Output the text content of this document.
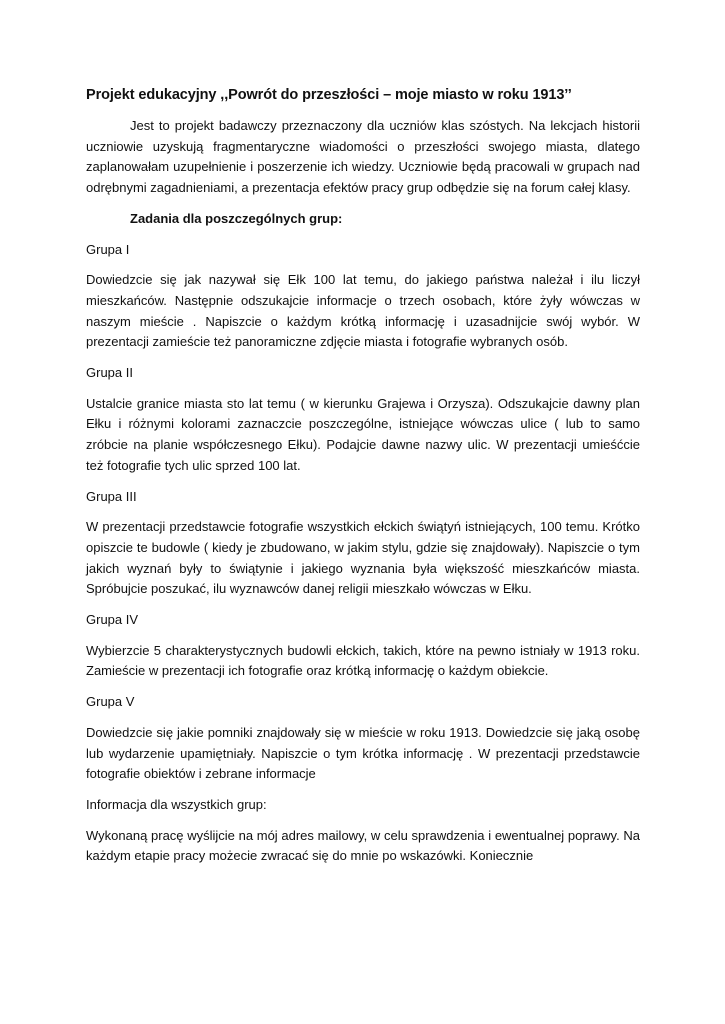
Projekt edukacyjny ,,Powrót do przeszłości – moje miasto w roku 1913’’

Jest to projekt badawczy przeznaczony dla uczniów klas szóstych. Na lekcjach historii uczniowie uzyskują fragmentaryczne wiadomości o przeszłości swojego miasta, dlatego zaplanowałam uzupełnienie i poszerzenie ich wiedzy. Uczniowie będą pracowali w grupach nad odrębnymi zagadnieniami, a prezentacja efektów pracy grup odbędzie się na forum całej klasy.

Zadania dla poszczególnych grup:

Grupa I

Dowiedzcie się jak nazywał się Ełk 100 lat temu, do jakiego państwa należał i ilu liczył mieszkańców. Następnie odszukajcie informacje o trzech osobach, które żyły wówczas w naszym mieście . Napiszcie o każdym krótką informację i uzasadnijcie swój wybór. W prezentacji zamieście też panoramiczne zdjęcie miasta i fotografie wybranych osób.

Grupa II

Ustalcie granice miasta sto lat temu ( w kierunku Grajewa i Orzysza). Odszukajcie dawny plan Ełku i różnymi kolorami zaznaczcie poszczególne, istniejące wówczas ulice ( lub to samo zróbcie na planie współczesnego Ełku). Podajcie dawne nazwy ulic. W prezentacji umieśćcie też fotografie tych ulic sprzed 100 lat.

Grupa III

W prezentacji przedstawcie fotografie wszystkich ełckich świątyń istniejących, 100 temu. Krótko opiszcie te budowle ( kiedy je zbudowano, w jakim stylu, gdzie się znajdowały). Napiszcie o tym jakich wyznań były to świątynie i jakiego wyznania była większość mieszkańców miasta. Spróbujcie poszukać, ilu wyznawców danej religii mieszkało wówczas w Ełku.

Grupa IV

Wybierzcie 5 charakterystycznych budowli ełckich, takich, które na pewno istniały w 1913 roku. Zamieście w prezentacji ich fotografie oraz krótką informację o każdym obiekcie.

Grupa V

Dowiedzcie się jakie pomniki znajdowały się w mieście w roku 1913. Dowiedzcie się jaką osobę lub wydarzenie upamiętniały. Napiszcie o tym krótka informację . W prezentacji przedstawcie fotografie obiektów i zebrane informacje

Informacja dla wszystkich grup:

Wykonaną pracę wyślijcie na mój adres mailowy, w celu sprawdzenia i ewentualnej poprawy. Na każdym etapie pracy możecie zwracać się do mnie po wskazówki. Koniecznie
